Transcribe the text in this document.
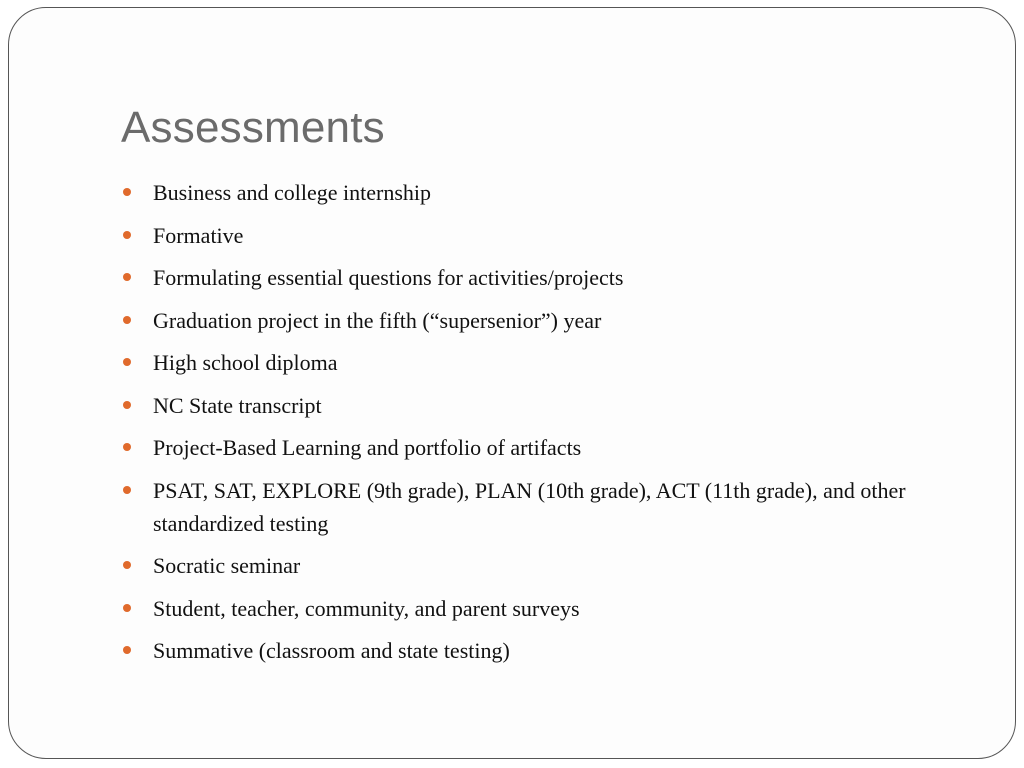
Assessments
Business and college internship
Formative
Formulating essential questions for activities/projects
Graduation project in the fifth (“supersenior”) year
High school diploma
NC State transcript
Project-Based Learning and portfolio of artifacts
PSAT, SAT, EXPLORE (9th grade), PLAN (10th grade), ACT (11th grade), and other standardized testing
Socratic seminar
Student, teacher, community, and parent surveys
Summative (classroom and state testing)
